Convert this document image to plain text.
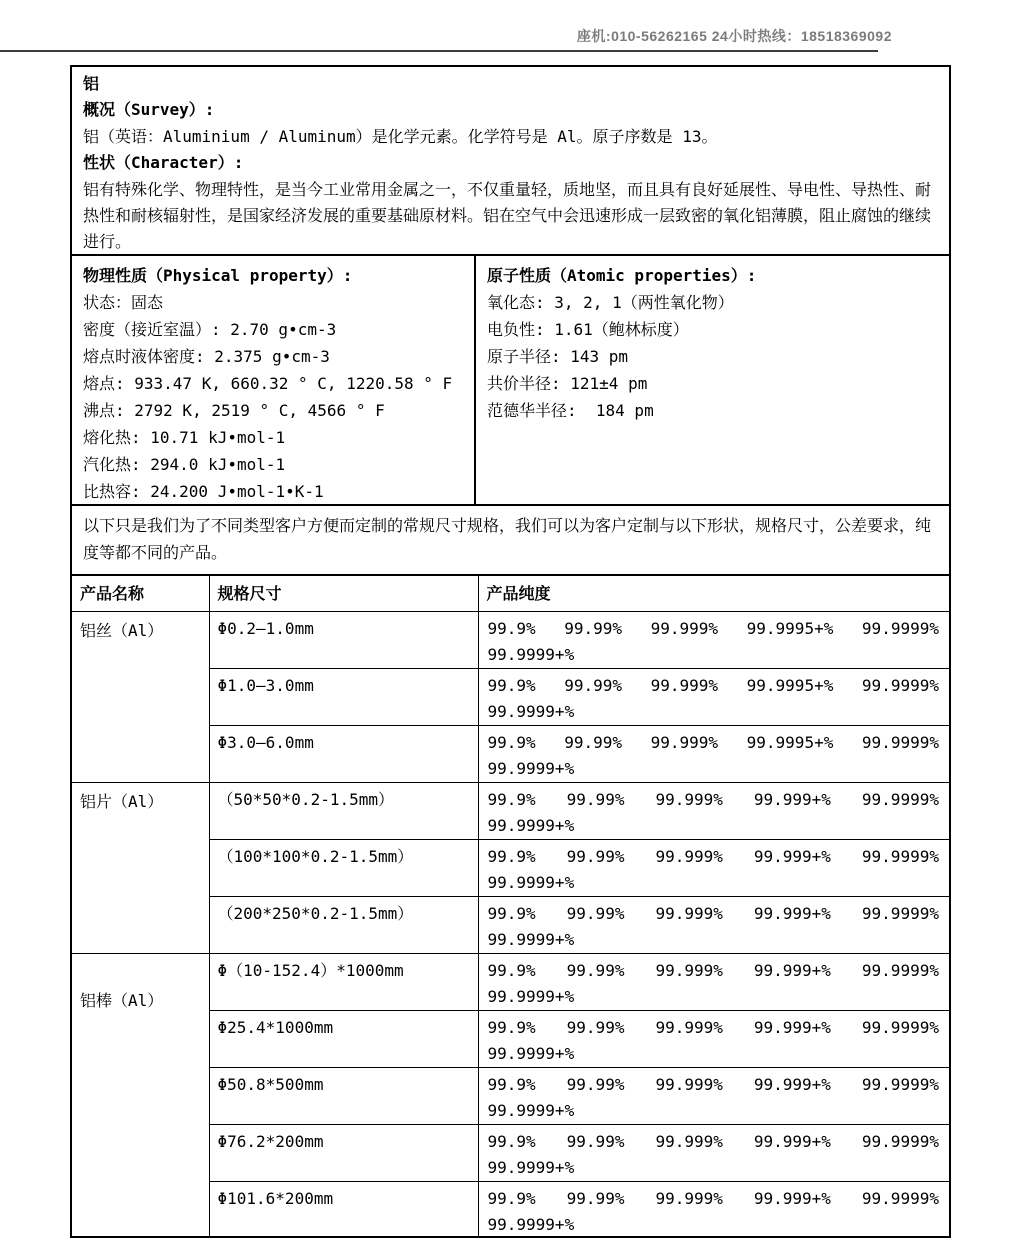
座机:010-56262165 24小时热线：18518369092
铝
概况（Survey）:
铝（英语：Aluminium / Aluminum）是化学元素。化学符号是 Al。原子序数是 13。
性状（Character）:
铝有特殊化学、物理特性，是当今工业常用金属之一，不仅重量轻，质地坚，而且具有良好延展性、导电性、导热性、耐热性和耐核辐射性，是国家经济发展的重要基础原材料。铝在空气中会迅速形成一层致密的氧化铝薄膜，阻止腐蚀的继续进行。
物理性质（Physical property）:
状态：固态
密度（接近室温）: 2.70 g•cm-3
熔点时液体密度: 2.375 g•cm-3
熔点: 933.47 K, 660.32 ° C, 1220.58 ° F
沸点: 2792 K, 2519 ° C, 4566 ° F
熔化热: 10.71 kJ•mol-1
汽化热: 294.0 kJ•mol-1
比热容: 24.200 J•mol-1•K-1
原子性质（Atomic properties）:
氧化态: 3, 2, 1（两性氧化物）
电负性: 1.61（鲍林标度）
原子半径: 143 pm
共价半径: 121±4 pm
范德华半径:  184 pm
以下只是我们为了不同类型客户方便而定制的常规尺寸规格，我们可以为客户定制与以下形状，规格尺寸，公差要求，纯度等都不同的产品。
产品名称	规格尺寸	产品纯度
铝丝（Al）	Φ0.2—1.0mm	99.9% 99.99% 99.999% 99.9995+% 99.9999%
99.9999+%

Φ1.0—3.0mm	99.9% 99.99% 99.999% 99.9995+% 99.9999%
99.9999+%

Φ3.0—6.0mm	99.9% 99.99% 99.999% 99.9995+% 99.9999%
99.9999+%

铝片（Al）	（50*50*0.2-1.5mm）	99.9% 99.99% 99.999% 99.999+% 99.9999%
99.9999+%

（100*100*0.2-1.5mm）	99.9% 99.99% 99.999% 99.999+% 99.9999%
99.9999+%

（200*250*0.2-1.5mm）	99.9% 99.99% 99.999% 99.999+% 99.9999%
99.9999+%

铝棒（Al）	Φ（10-152.4）*1000mm	99.9% 99.99% 99.999% 99.999+% 99.9999%
99.9999+%

Φ25.4*1000mm	99.9% 99.99% 99.999% 99.999+% 99.9999%
99.9999+%

Φ50.8*500mm	99.9% 99.99% 99.999% 99.999+% 99.9999%
99.9999+%

Φ76.2*200mm	99.9% 99.99% 99.999% 99.999+% 99.9999%
99.9999+%

Φ101.6*200mm	99.9% 99.99% 99.999% 99.999+% 99.9999%
99.9999+%
